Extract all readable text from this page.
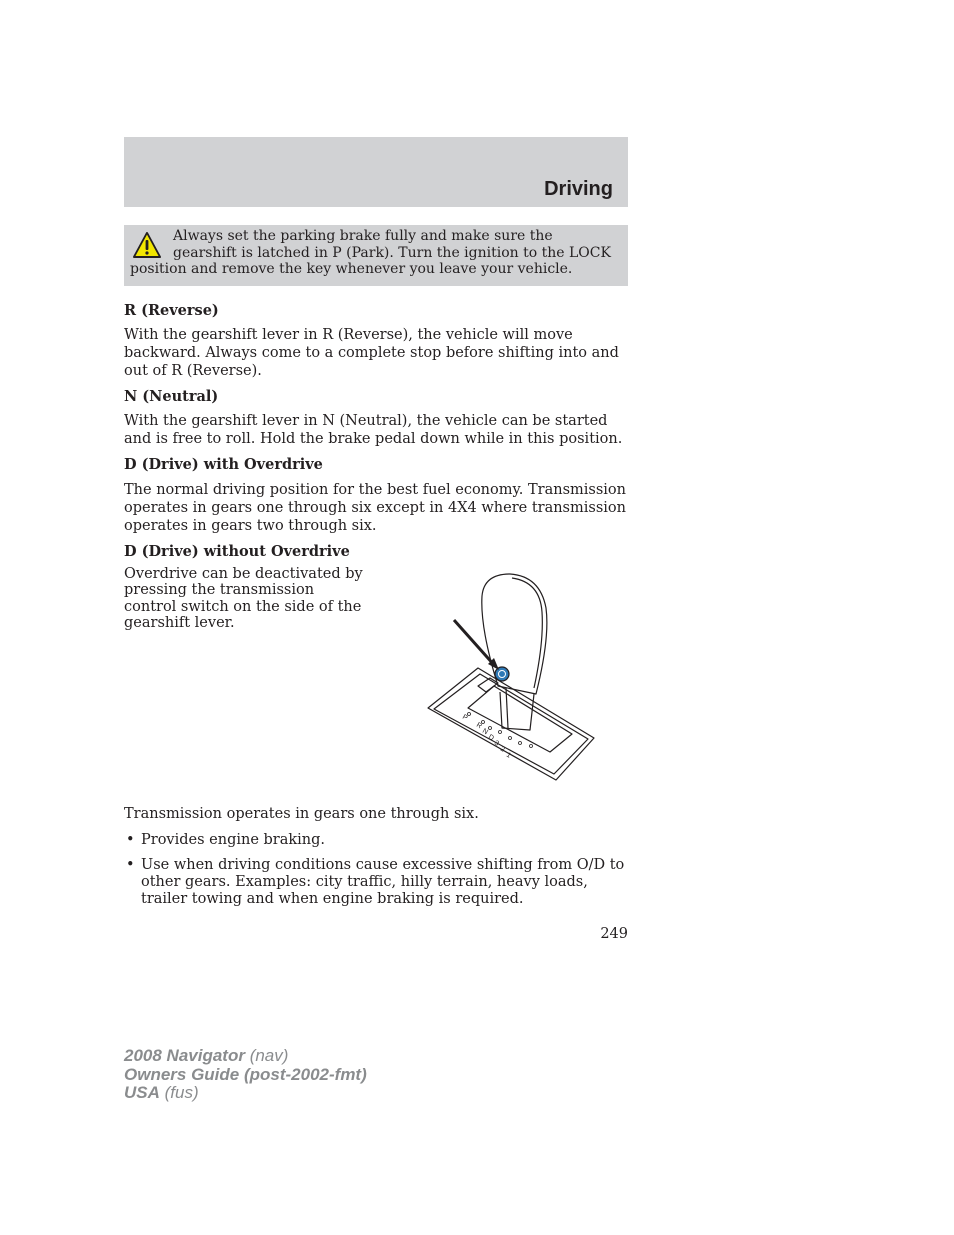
Driving

Always set the parking brake fully and make sure the gearshift is latched in P (Park). Turn the ignition to the LOCK position and remove the key whenever you leave your vehicle.

R (Reverse)

With the gearshift lever in R (Reverse), the vehicle will move backward. Always come to a complete stop before shifting into and out of R (Reverse).

N (Neutral)

With the gearshift lever in N (Neutral), the vehicle can be started and is free to roll. Hold the brake pedal down while in this position.

D (Drive) with Overdrive

The normal driving position for the best fuel economy. Transmission operates in gears one through six except in 4X4 where transmission operates in gears two through six.

D (Drive) without Overdrive

Overdrive can be deactivated by pressing the transmission control switch on the side of the gearshift lever.

P
R
N
D
3
2
1

Transmission operates in gears one through six.

• Provides engine braking.
• Use when driving conditions cause excessive shifting from O/D to other gears. Examples: city traffic, hilly terrain, heavy loads, trailer towing and when engine braking is required.
249
2008 Navigator (nav)
Owners Guide (post-2002-fmt)
USA (fus)
